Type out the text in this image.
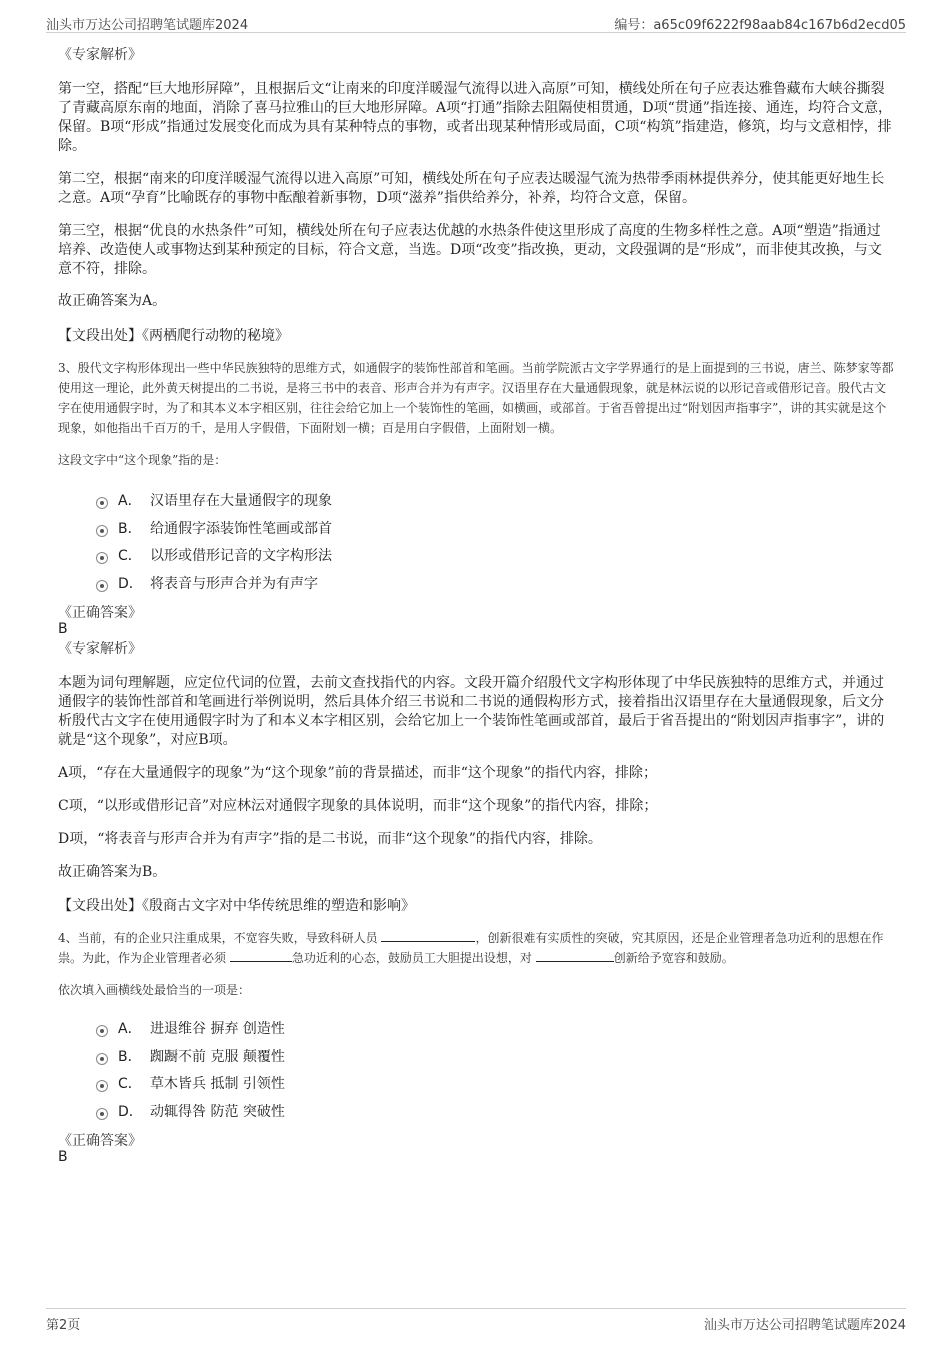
汕头市万达公司招聘笔试题库2024	编号：a65c09f6222f98aab84c167b6d2ecd05
《专家解析》

第一空，搭配“巨大地形屏障”，且根据后文“让南来的印度洋暖湿气流得以进入高原”可知，横线处所在句子应表达雅鲁藏布大峡谷撕裂了青藏高原东南的地面，消除了喜马拉雅山的巨大地形屏障。A项“打通”指除去阻隔使相贯通，D项“贯通”指连接、通连，均符合文意，保留。B项“形成”指通过发展变化而成为具有某种特点的事物，或者出现某种情形或局面，C项“构筑”指建造，修筑，均与文意相悖，排除。

第二空，根据“南来的印度洋暖湿气流得以进入高原”可知，横线处所在句子应表达暖湿气流为热带季雨林提供养分，使其能更好地生长之意。A项“孕育”比喻既存的事物中酝酿着新事物，D项“滋养”指供给养分，补养，均符合文意，保留。

第三空，根据“优良的水热条件”可知，横线处所在句子应表达优越的水热条件使这里形成了高度的生物多样性之意。A项“塑造”指通过培养、改造使人或事物达到某种预定的目标，符合文意，当选。D项“改变”指改换，更动，文段强调的是“形成”，而非使其改换，与文意不符，排除。

故正确答案为A。

【文段出处】《两栖爬行动物的秘境》

3、殷代文字构形体现出一些中华民族独特的思维方式，如通假字的装饰性部首和笔画。当前学院派古文字学界通行的是上面提到的三书说，唐兰、陈梦家等都使用这一理论，此外黄天树提出的二书说，是将三书中的表音、形声合并为有声字。汉语里存在大量通假现象，就是林沄说的以形记音或借形记音。殷代古文字在使用通假字时，为了和其本义本字相区别，往往会给它加上一个装饰性的笔画，如横画，或部首。于省吾曾提出过“附划因声指事字”，讲的其实就是这个现象，如他指出千百万的千，是用人字假借，下面附划一横；百是用白字假借，上面附划一横。

这段文字中“这个现象”指的是：

A． 汉语里存在大量通假字的现象
B． 给通假字添装饰性笔画或部首
C． 以形或借形记音的文字构形法
D． 将表音与形声合并为有声字
《正确答案》
B
《专家解析》

本题为词句理解题，应定位代词的位置，去前文查找指代的内容。文段开篇介绍殷代文字构形体现了中华民族独特的思维方式，并通过通假字的装饰性部首和笔画进行举例说明，然后具体介绍三书说和二书说的通假构形方式，接着指出汉语里存在大量通假现象，后文分析殷代古文字在使用通假字时为了和本义本字相区别，会给它加上一个装饰性笔画或部首，最后于省吾提出的“附划因声指事字”，讲的就是“这个现象”，对应B项。

A项，“存在大量通假字的现象”为“这个现象”前的背景描述，而非“这个现象”的指代内容，排除；

C项，“以形或借形记音”对应林沄对通假字现象的具体说明，而非“这个现象”的指代内容，排除；

D项，“将表音与形声合并为有声字”指的是二书说，而非“这个现象”的指代内容，排除。

故正确答案为B。

【文段出处】《殷商古文字对中华传统思维的塑造和影响》

4、当前，有的企业只注重成果，不宽容失败，导致科研人员	，创新很难有实质性的突破，究其原因，还是企业管理者急功近利的思想在作祟。为此，作为企业管理者必须	急功近利的心态，鼓励员工大胆提出设想，对	创新给予宽容和鼓励。

依次填入画横线处最恰当的一项是：

A． 进退维谷 摒弃 创造性
B． 踟蹰不前 克服 颠覆性
C． 草木皆兵 抵制 引领性
D． 动辄得咎 防范 突破性
《正确答案》
B
第2页	汕头市万达公司招聘笔试题库2024
